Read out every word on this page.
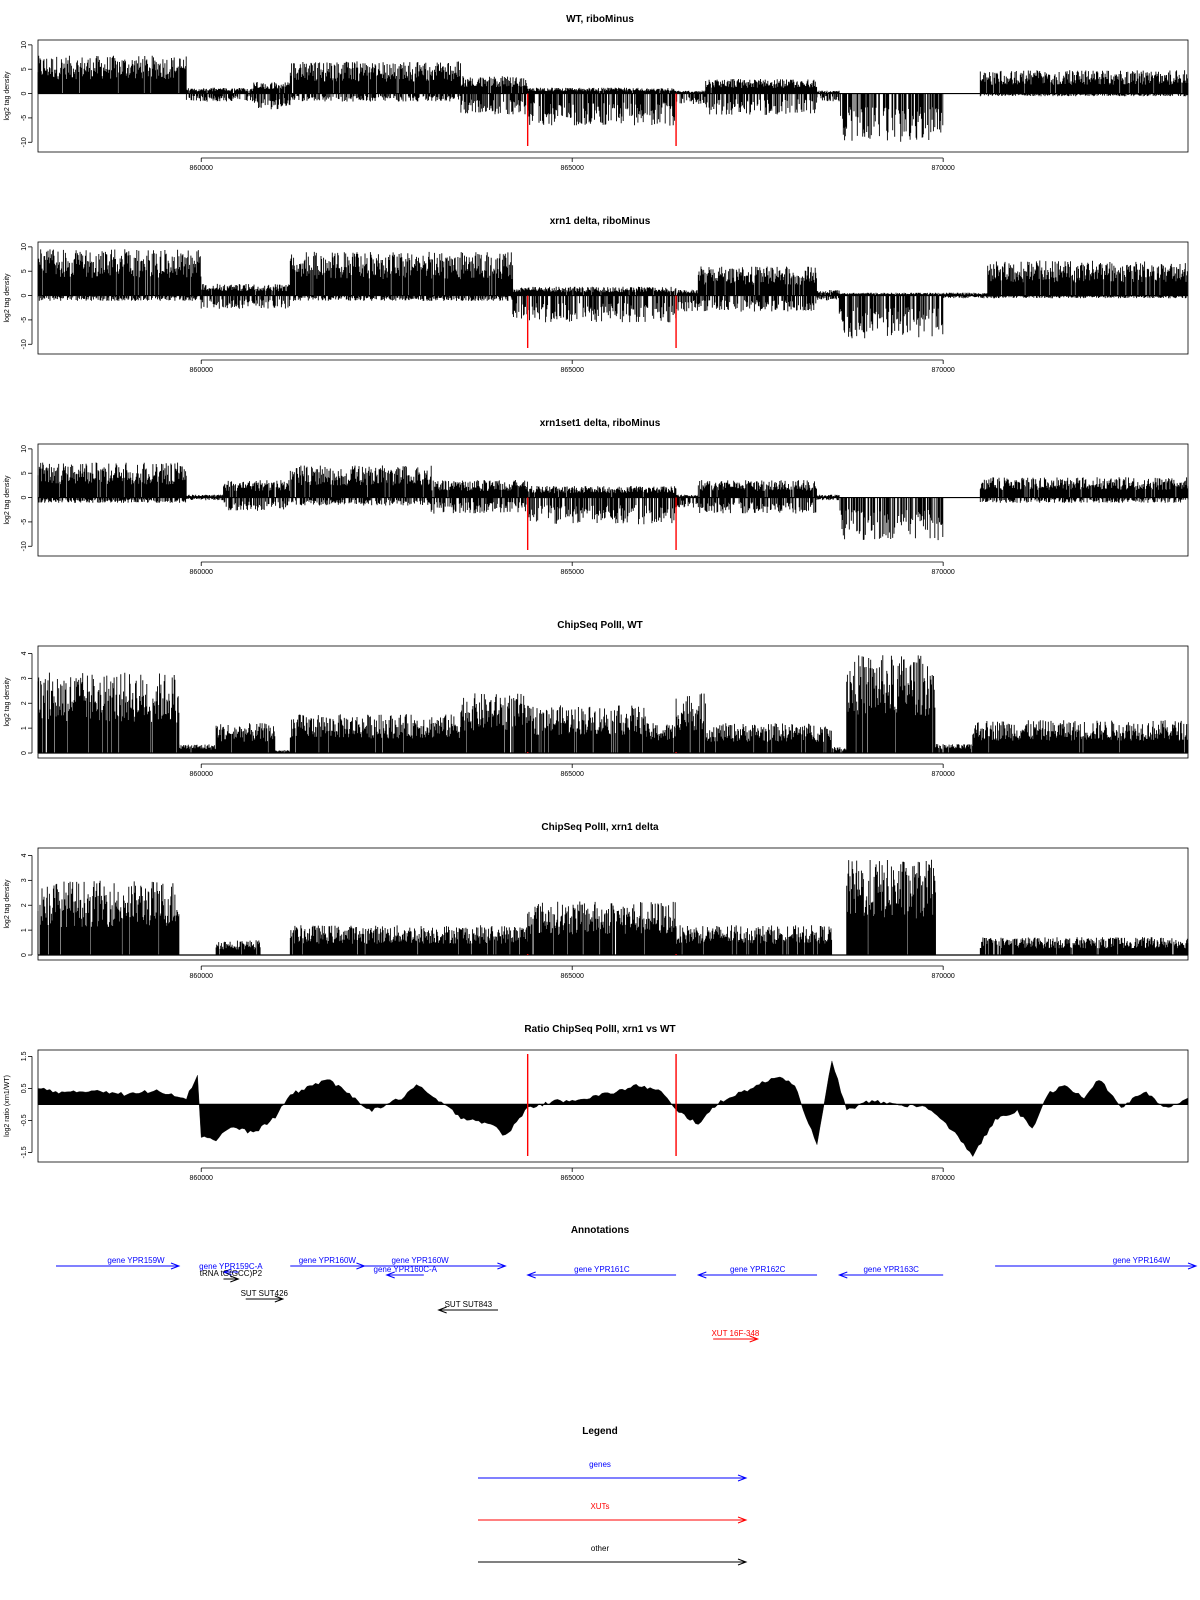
WT, riboMinus
log2 tag density
-10
-5
0
5
10
860000	865000	870000
xrn1 delta, riboMinus
log2 tag density
-10
-5
0
5
10
860000	865000	870000
xrn1set1 delta, riboMinus
log2 tag density
-10
-5
0
5
10
860000	865000	870000
ChipSeq PolII, WT
log2 tag density
0
1
2
3
4
860000	865000	870000
ChipSeq PolII, xrn1 delta
log2 tag density
0
1
2
3
4
860000	865000	870000
Ratio ChipSeq PolII, xrn1 vs WT
log2 ratio (xrn1/WT)
-1.5
-0.5
0.5
1.5
860000	865000	870000
Annotations
gene YPR159W
gene YPR159C-A
tRNA tG(GCC)P2
gene YPR160W	gene YPR160W
gene YPR160C-A
SUT SUT426
SUT SUT843
gene YPR161C	gene YPR162C	gene YPR163C
gene YPR164W
XUT 16F-348
Legend
genes
XUTs
other
